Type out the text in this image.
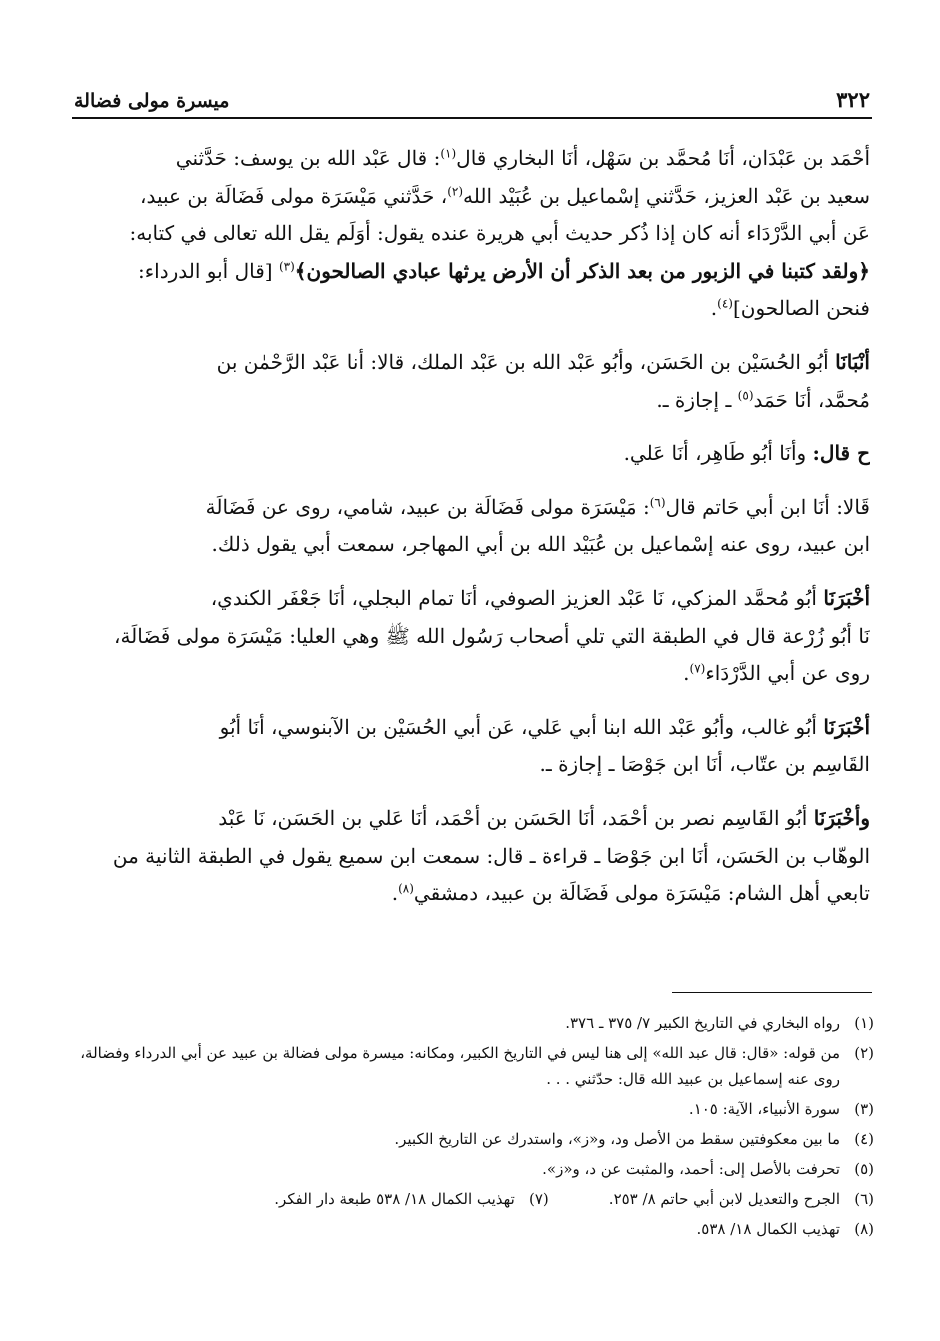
ميسرة مولى فضالة	٣٢٢

أحْمَد بن عَبْدَان، أنَا مُحمَّد بن سَهْل، أنَا البخاري قال$^{(١)}$: قال عَبْد الله بن يوسف: حَدَّثني
سعيد بن عَبْد العزيز، حَدَّثني إسْماعيل بن عُبَيْد الله$^{(٢)}$، حَدَّثني مَيْسَرَة مولى فَضَالَة بن عبيد،
عَن أبي الدَّرْدَاء أنه كان إذا ذُكر حديث أبي هريرة عنده يقول: أوَلَم يقل الله تعالى في كتابه:
﴿ولقد كتبنا في الزبور من بعد الذكر أن الأرض يرثها عبادي الصالحون﴾$^{(٣)}$ [قال أبو الدرداء:
فنحن الصالحون]$^{(٤)}$.

أنْبَانَا أبُو الحُسَيْن بن الحَسَن، وأبُو عَبْد الله بن عَبْد الملك، قالا: أنا عَبْد الرَّحْمٰن بن
مُحمَّد، أنَا حَمَد$^{(٥)}$ ـ إجازة ـ.

ح قال: وأنَا أبُو طَاهِر، أنَا عَلي.

قَالا: أنَا ابن أبي حَاتم قال$^{(٦)}$: مَيْسَرَة مولى فَضَالَة بن عبيد، شامي، روى عن فَضَالَة
ابن عبيد، روى عنه إسْماعيل بن عُبَيْد الله بن أبي المهاجر، سمعت أبي يقول ذلك.

أخْبَرَنَا أبُو مُحمَّد المزكي، نَا عَبْد العزيز الصوفي، أنَا تمام البجلي، أنَا جَعْفَر الكندي،
نَا أبُو زُرْعة قال في الطبقة التي تلي أصحاب رَسُول الله ﷺ وهي العليا: مَيْسَرَة مولى فَضَالَة،
روى عن أبي الدَّرْدَاء$^{(٧)}$.

أخْبَرَنَا أبُو غالب، وأبُو عَبْد الله ابنا أبي عَلي، عَن أبي الحُسَيْن بن الآبنوسي، أنَا أبُو
القَاسِم بن عتّاب، أنَا ابن جَوْصَا ـ إجازة ـ.

وأخْبَرَنَا أبُو القَاسِم نصر بن أحْمَد، أنَا الحَسَن بن أحْمَد، أنَا عَلي بن الحَسَن، نَا عَبْد
الوهّاب بن الحَسَن، أنَا ابن جَوْصَا ـ قراءة ـ قال: سمعت ابن سميع يقول في الطبقة الثانية من
تابعي أهل الشام: مَيْسَرَة مولى فَضَالَة بن عبيد، دمشقي$^{(٨)}$.

(١)
رواه البخاري في التاريخ الكبير ٧/ ٣٧٥ ـ ٣٧٦.
(٢)
من قوله: «قال: قال عبد الله» إلى هنا ليس في التاريخ الكبير، ومكانه: ميسرة مولى فضالة بن عبيد عن أبي الدرداء وفضالة، روى عنه إسماعيل بن عبيد الله قال: حدّثني . . .
(٣)
سورة الأنبياء، الآية: ١٠٥.
(٤)
ما بين معكوفتين سقط من الأصل ود، و«ز»، واستدرك عن التاريخ الكبير.
(٥)
تحرفت بالأصل إلى: أحمد، والمثبت عن د، و«ز».
(٦)
الجرح والتعديل لابن أبي حاتم ٨/ ٢٥٣.
(٧)
تهذيب الكمال ١٨/ ٥٣٨ طبعة دار الفكر.
(٨)
تهذيب الكمال ١٨/ ٥٣٨.
